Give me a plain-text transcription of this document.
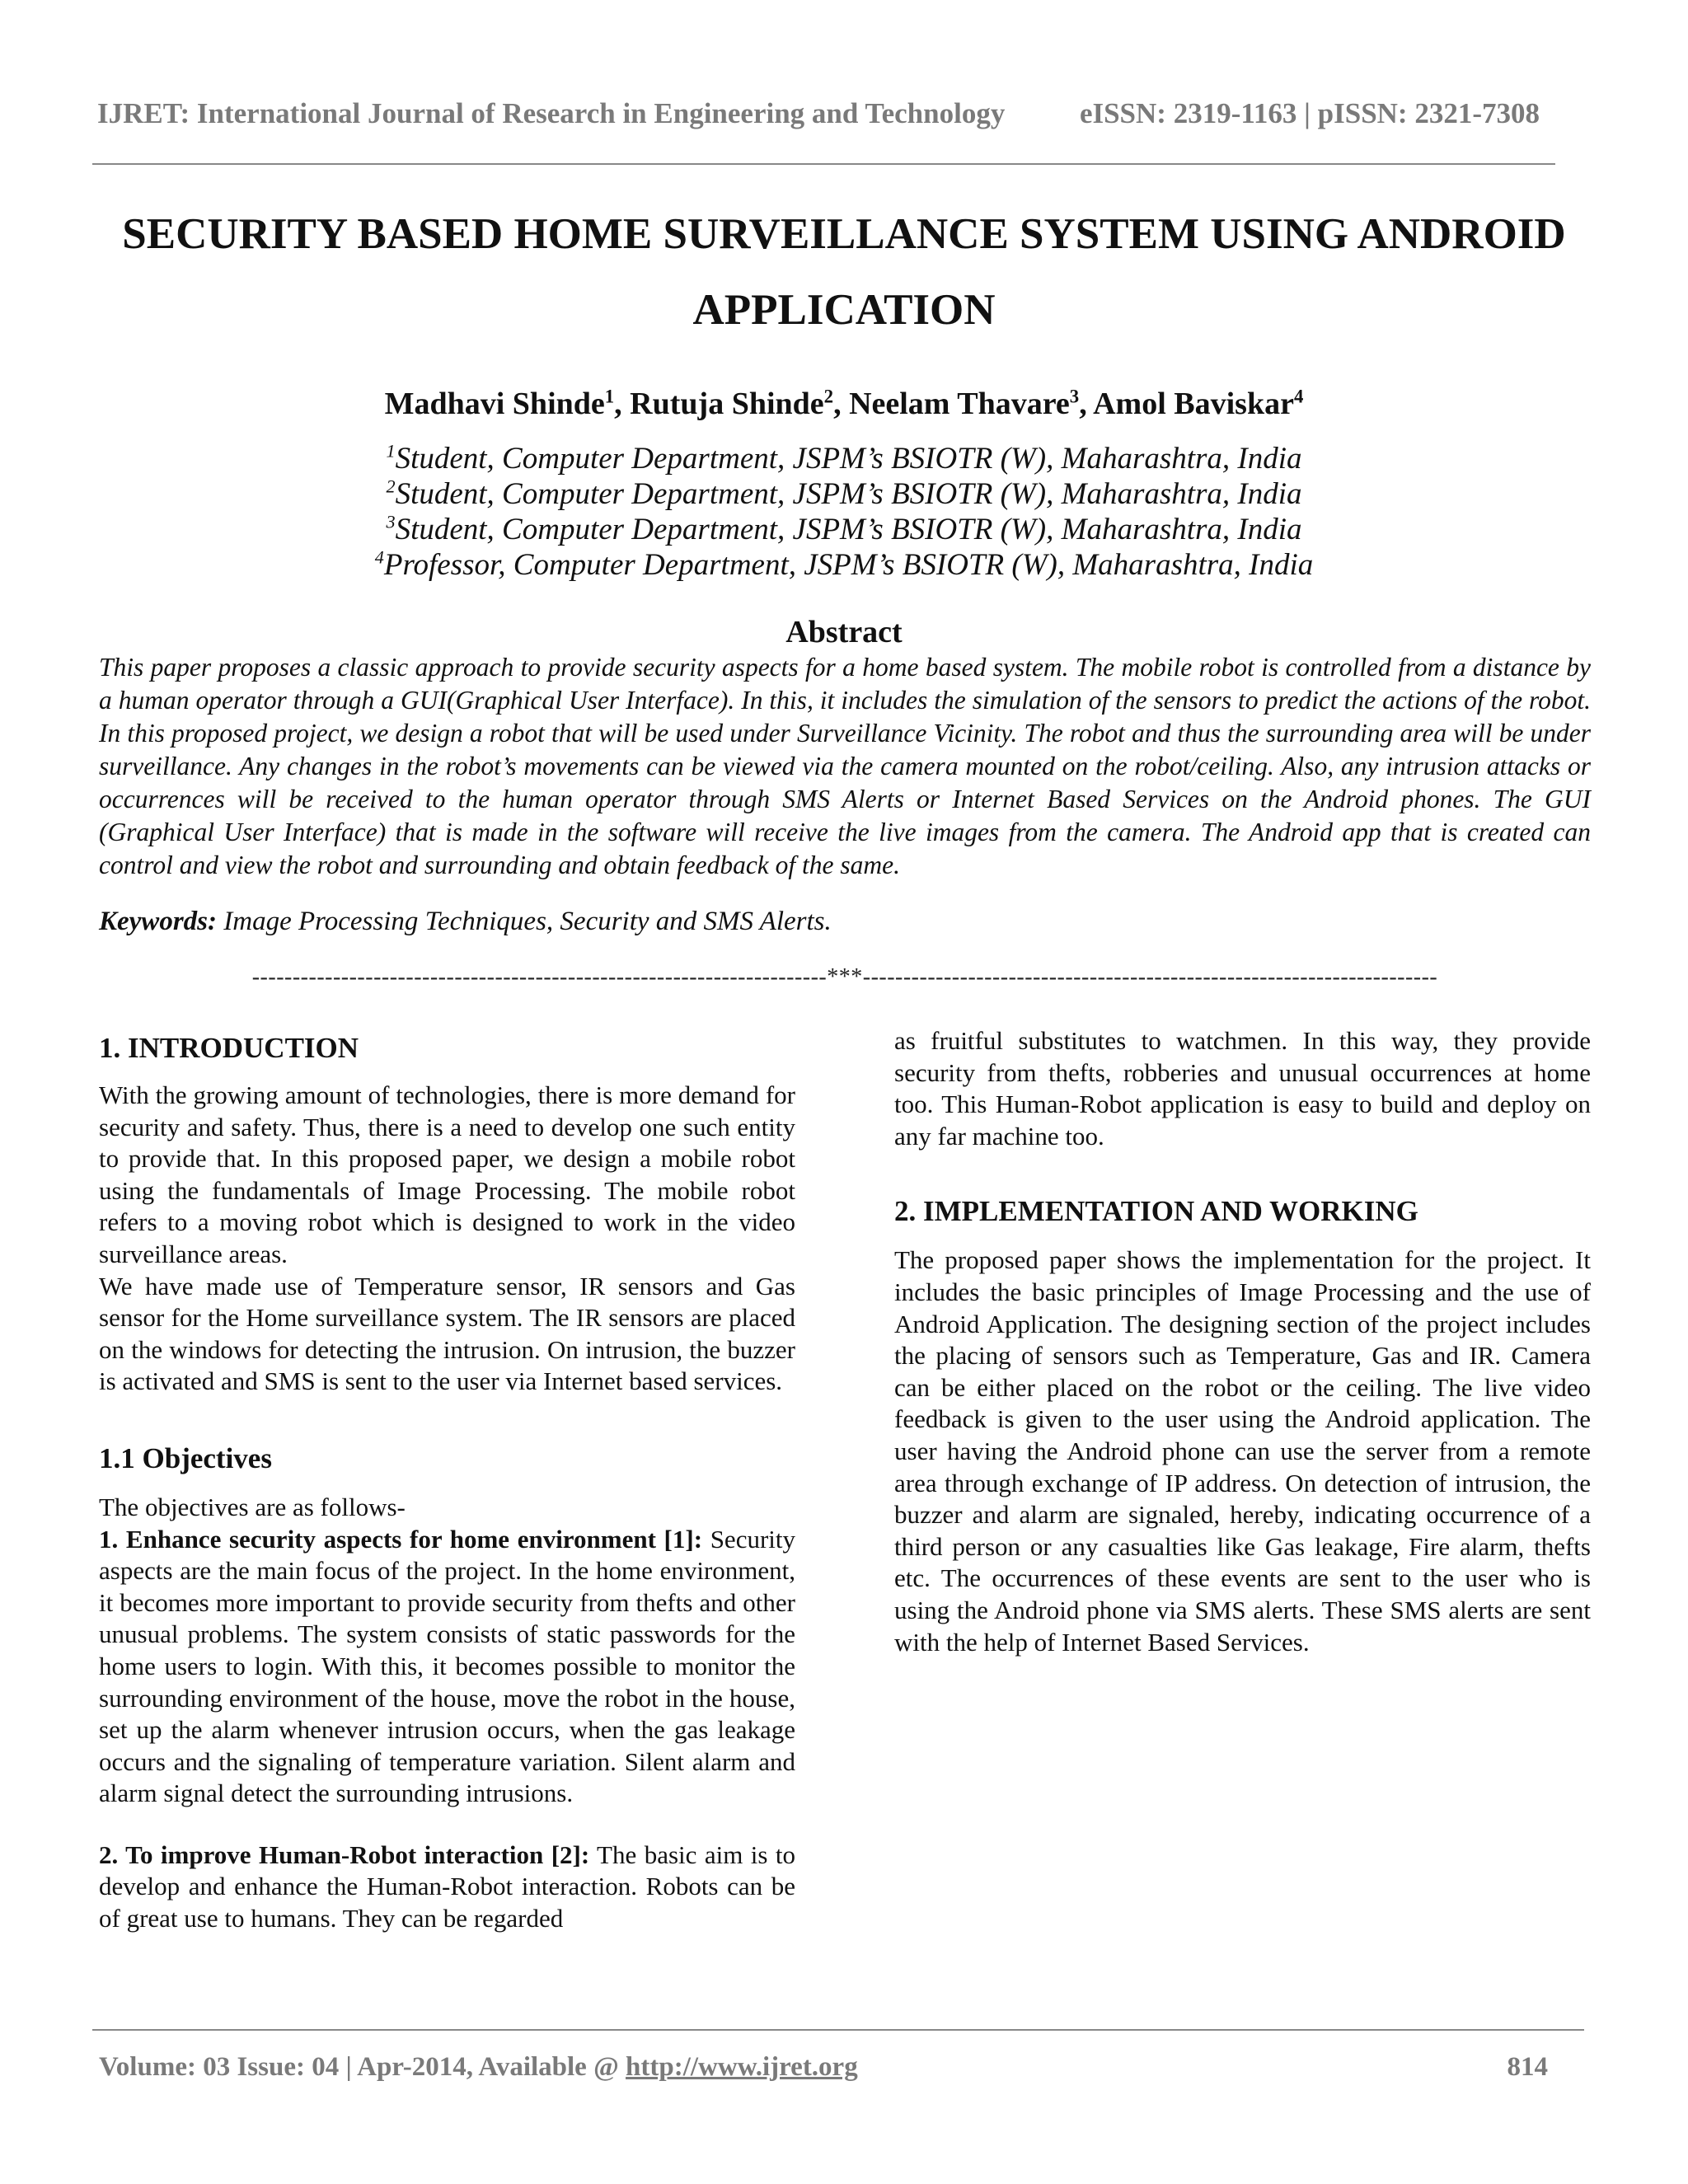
IJRET: International Journal of Research in Engineering and Technology	eISSN: 2319-1163 | pISSN: 2321-7308
SECURITY BASED HOME SURVEILLANCE SYSTEM USING ANDROID
APPLICATION
Madhavi Shinde$^1$, Rutuja Shinde$^2$, Neelam Thavare$^3$, Amol Baviskar$^4$
$^1$Student, Computer Department, JSPM’s BSIOTR (W), Maharashtra, India
$^2$Student, Computer Department, JSPM’s BSIOTR (W), Maharashtra, India
$^3$Student, Computer Department, JSPM’s BSIOTR (W), Maharashtra, India
$^4$Professor, Computer Department, JSPM’s BSIOTR (W), Maharashtra, India
Abstract
This paper proposes a classic approach to provide security aspects for a home based system. The mobile robot is controlled from a distance by a human operator through a GUI(Graphical User Interface). In this, it includes the simulation of the sensors to predict the actions of the robot. In this proposed project, we design a robot that will be used under Surveillance Vicinity. The robot and thus the surrounding area will be under surveillance. Any changes in the robot’s movements can be viewed via the camera mounted on the robot/ceiling. Also, any intrusion attacks or occurrences will be received to the human operator through SMS Alerts or Internet Based Services on the Android phones. The GUI (Graphical User Interface) that is made in the software will receive the live images from the camera. The Android app that is created can control and view the robot and surrounding and obtain feedback of the same.
Keywords: Image Processing Techniques, Security and SMS Alerts.
-----------------------------------------------------------------------***-----------------------------------------------------------------------
1. INTRODUCTION

With the growing amount of technologies, there is more demand for security and safety. Thus, there is a need to develop one such entity to provide that. In this proposed paper, we design a mobile robot using the fundamentals of Image Processing. The mobile robot refers to a moving robot which is designed to work in the video surveillance areas.

We have made use of Temperature sensor, IR sensors and Gas sensor for the Home surveillance system. The IR sensors are placed on the windows for detecting the intrusion. On intrusion, the buzzer is activated and SMS is sent to the user via Internet based services.

1.1 Objectives

The objectives are as follows-

1. Enhance security aspects for home environment [1]: Security aspects are the main focus of the project. In the home environment, it becomes more important to provide security from thefts and other unusual problems. The system consists of static passwords for the home users to login. With this, it becomes possible to monitor the surrounding environment of the house, move the robot in the house, set up the alarm whenever intrusion occurs, when the gas leakage occurs and the signaling of temperature variation. Silent alarm and alarm signal detect the surrounding intrusions.

2. To improve Human-Robot interaction [2]: The basic aim is to develop and enhance the Human-Robot interaction. Robots can be of great use to humans. They can be regarded

as fruitful substitutes to watchmen. In this way, they provide security from thefts, robberies and unusual occurrences at home too. This Human-Robot application is easy to build and deploy on any far machine too.

2. IMPLEMENTATION AND WORKING

The proposed paper shows the implementation for the project. It includes the basic principles of Image Processing and the use of Android Application. The designing section of the project includes the placing of sensors such as Temperature, Gas and IR. Camera can be either placed on the robot or the ceiling. The live video feedback is given to the user using the Android application. The user having the Android phone can use the server from a remote area through exchange of IP address. On detection of intrusion, the buzzer and alarm are signaled, hereby, indicating occurrence of a third person or any casualties like Gas leakage, Fire alarm, thefts etc. The occurrences of these events are sent to the user who is using the Android phone via SMS alerts. These SMS alerts are sent with the help of Internet Based Services.

Volume: 03 Issue: 04 | Apr-2014, Available @ http://www.ijret.org	814
